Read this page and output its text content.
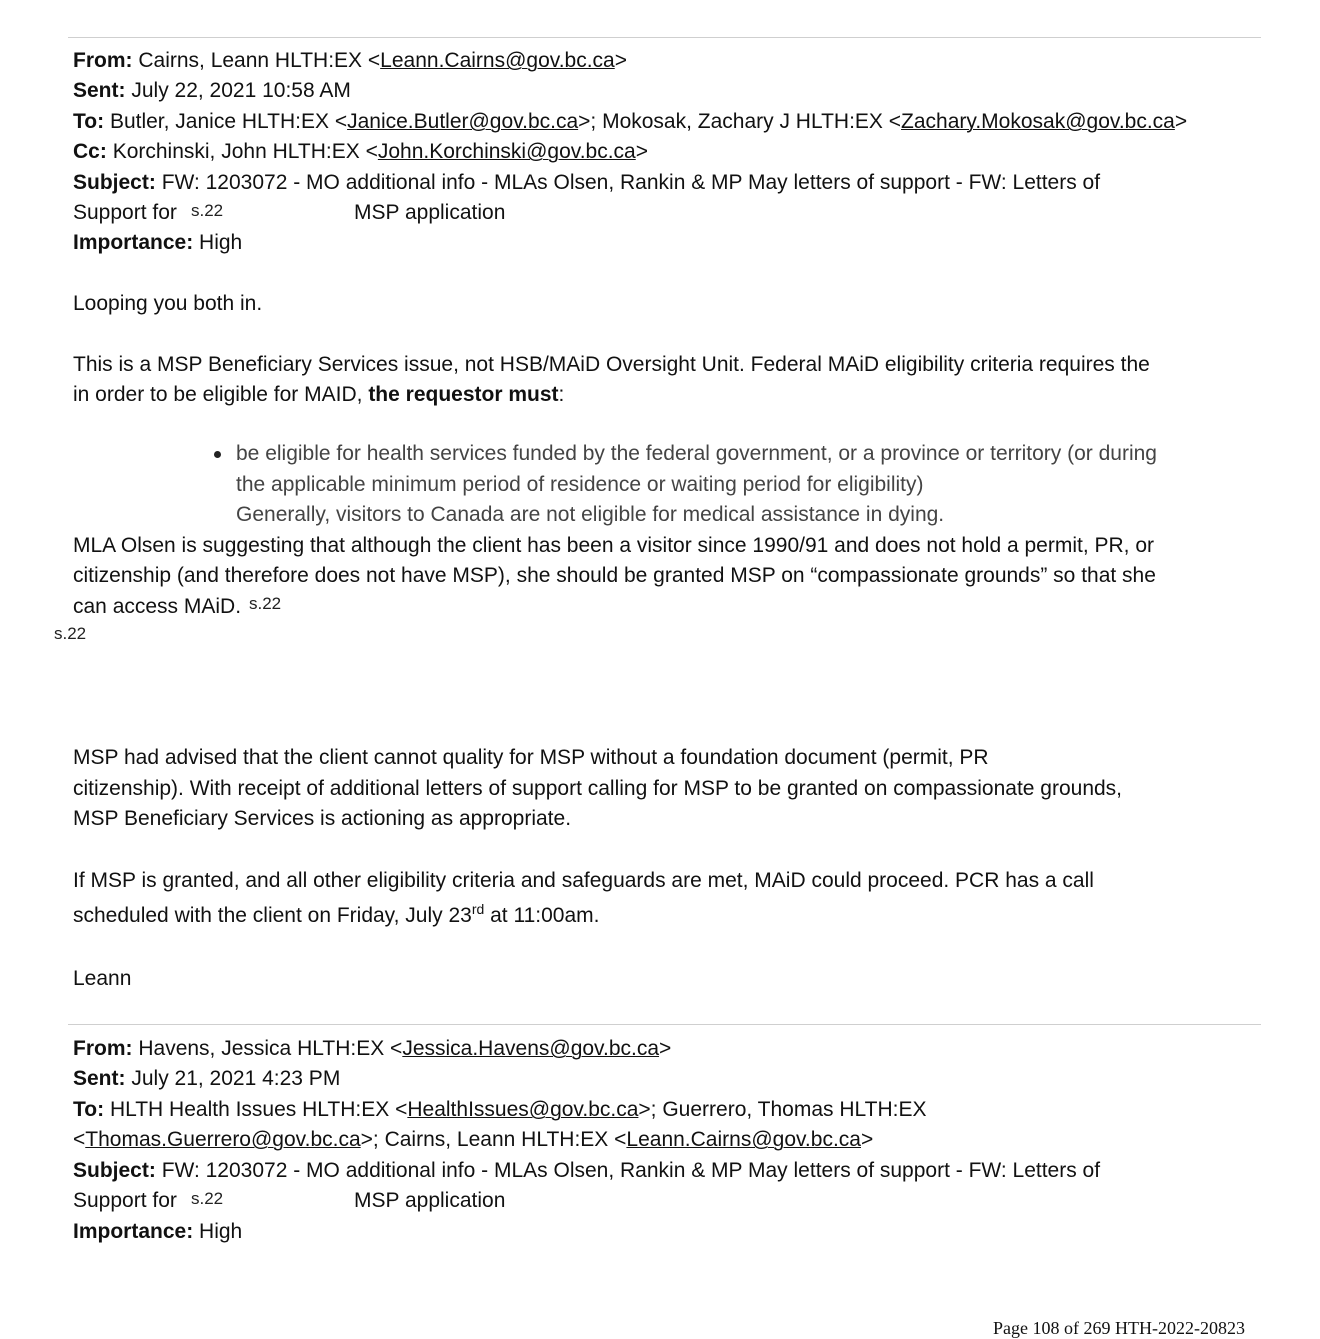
From: Cairns, Leann HLTH:EX <Leann.Cairns@gov.bc.ca>
Sent: July 22, 2021 10:58 AM
To: Butler, Janice HLTH:EX <Janice.Butler@gov.bc.ca>; Mokosak, Zachary J HLTH:EX <Zachary.Mokosak@gov.bc.ca>
Cc: Korchinski, John HLTH:EX <John.Korchinski@gov.bc.ca>
Subject: FW: 1203072 - MO additional info - MLAs Olsen, Rankin & MP May letters of support - FW: Letters of
Support for s.22	MSP application
Importance: High
Looping you both in.
This is a MSP Beneficiary Services issue, not HSB/MAiD Oversight Unit. Federal MAiD eligibility criteria requires the
in order to be eligible for MAID, the requestor must:
be eligible for health services funded by the federal government, or a province or territory (or during
the applicable minimum period of residence or waiting period for eligibility)
Generally, visitors to Canada are not eligible for medical assistance in dying.
MLA Olsen is suggesting that although the client has been a visitor since 1990/91 and does not hold a permit, PR, or
citizenship (and therefore does not have MSP), she should be granted MSP on “compassionate grounds” so that she
can access MAiD. s.22
s.22
MSP had advised that the client cannot quality for MSP without a foundation document (permit, PR
citizenship). With receipt of additional letters of support calling for MSP to be granted on compassionate grounds,
MSP Beneficiary Services is actioning as appropriate.
If MSP is granted, and all other eligibility criteria and safeguards are met, MAiD could proceed. PCR has a call
scheduled with the client on Friday, July 23rd at 11:00am.
Leann
From: Havens, Jessica HLTH:EX <Jessica.Havens@gov.bc.ca>
Sent: July 21, 2021 4:23 PM
To: HLTH Health Issues HLTH:EX <HealthIssues@gov.bc.ca>; Guerrero, Thomas HLTH:EX
<Thomas.Guerrero@gov.bc.ca>; Cairns, Leann HLTH:EX <Leann.Cairns@gov.bc.ca>
Subject: FW: 1203072 - MO additional info - MLAs Olsen, Rankin & MP May letters of support - FW: Letters of
Support for s.22	MSP application
Importance: High
Page 108 of 269 HTH-2022-20823
